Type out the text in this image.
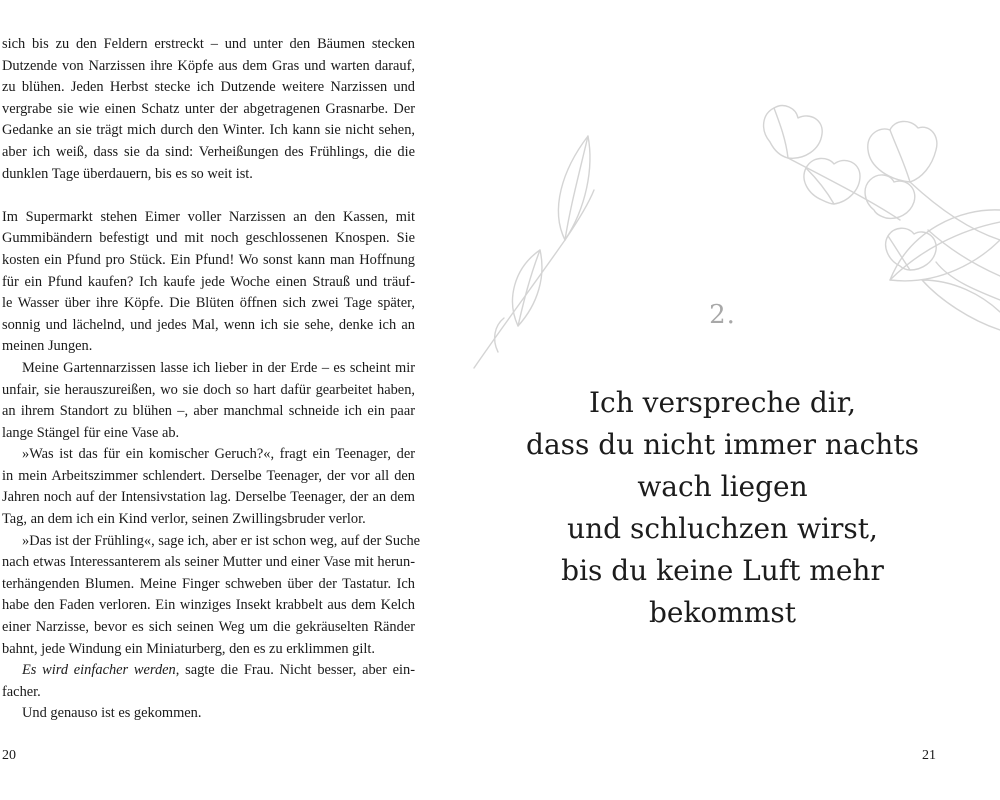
sich bis zu den Feldern erstreckt – und unter den Bäumen stecken
Dutzende von Narzissen ihre Köpfe aus dem Gras und warten darauf,
zu blühen. Jeden Herbst stecke ich Dutzende weitere Narzissen und
vergrabe sie wie einen Schatz unter der abgetragenen Grasnarbe. Der
Gedanke an sie trägt mich durch den Winter. Ich kann sie nicht sehen,
aber ich weiß, dass sie da sind: Verheißungen des Frühlings, die die
dunklen Tage überdauern, bis es so weit ist.

Im Supermarkt stehen Eimer voller Narzissen an den Kassen, mit
Gummibändern befestigt und mit noch geschlossenen Knospen. Sie
kosten ein Pfund pro Stück. Ein Pfund! Wo sonst kann man Hoffnung
für ein Pfund kaufen? Ich kaufe jede Woche einen Strauß und träuf-
le Wasser über ihre Köpfe. Die Blüten öffnen sich zwei Tage später,
sonnig und lächelnd, und jedes Mal, wenn ich sie sehe, denke ich an
meinen Jungen.
Meine Gartennarzissen lasse ich lieber in der Erde – es scheint mir
unfair, sie herauszureißen, wo sie doch so hart dafür gearbeitet haben,
an ihrem Standort zu blühen –, aber manchmal schneide ich ein paar
lange Stängel für eine Vase ab.
»Was ist das für ein komischer Geruch?«, fragt ein Teenager, der
in mein Arbeitszimmer schlendert. Derselbe Teenager, der vor all den
Jahren noch auf der Intensivstation lag. Derselbe Teenager, der an dem
Tag, an dem ich ein Kind verlor, seinen Zwillingsbruder verlor.
»Das ist der Frühling«, sage ich, aber er ist schon weg, auf der Suche
nach etwas Interessanterem als seiner Mutter und einer Vase mit herun-
terhängenden Blumen. Meine Finger schweben über der Tastatur. Ich
habe den Faden verloren. Ein winziges Insekt krabbelt aus dem Kelch
einer Narzisse, bevor es sich seinen Weg um die gekräuselten Ränder
bahnt, jede Windung ein Miniaturberg, den es zu erklimmen gilt.
Es wird einfacher werden, sagte die Frau. Nicht besser, aber ein-
facher.
Und genauso ist es gekommen.
20
2.
Ich verspreche dir,
dass du nicht immer nachts
wach liegen
und schluchzen wirst,
bis du keine Luft mehr
bekommst
21
